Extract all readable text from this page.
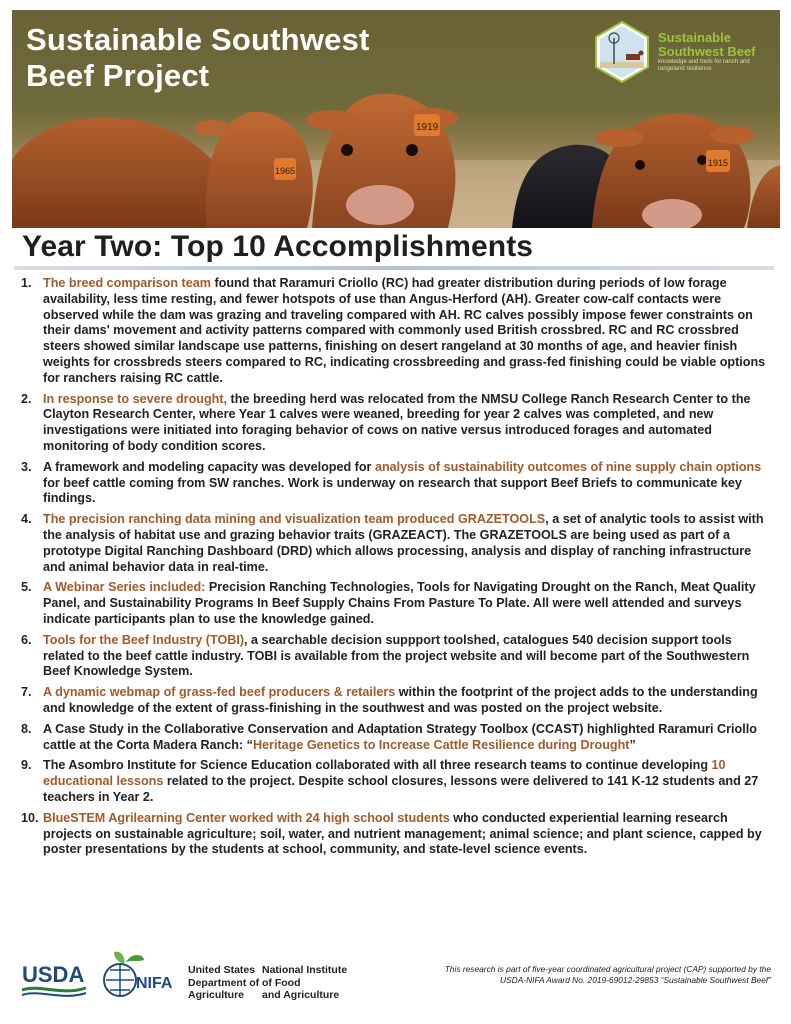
1965
1919
1915
Sustainable Southwest
Beef Project
Sustainable
Southwest Beef
knowledge and tools for ranch and
rangeland resilience
Year Two: Top 10 Accomplishments
1. The breed comparison team found that Raramuri Criollo (RC) had greater distribution during periods of low forage availability, less time resting, and fewer hotspots of use than Angus-Herford (AH). Greater cow-calf contacts were observed while the dam was grazing and traveling compared with AH. RC calves possibly impose fewer constraints on their dams' movement and activity patterns compared with commonly used British crossbred. RC and RC crossbred steers showed similar landscape use patterns, finishing on desert rangeland at 30 months of age, and heavier finish weights for crossbreds steers compared to RC, indicating crossbreeding and grass-fed finishing could be viable options for ranchers raising RC cattle.
2. In response to severe drought, the breeding herd was relocated from the NMSU College Ranch Research Center to the Clayton Research Center, where Year 1 calves were weaned, breeding for year 2 calves was completed, and new investigations were initiated into foraging behavior of cows on native versus introduced forages and automated monitoring of body condition scores.
3. A framework and modeling capacity was developed for analysis of sustainability outcomes of nine supply chain options for beef cattle coming from SW ranches. Work is underway on research that support Beef Briefs to communicate key findings.
4. The precision ranching data mining and visualization team produced GRAZETOOLS, a set of analytic tools to assist with the analysis of habitat use and grazing behavior traits (GRAZEACT). The GRAZETOOLS are being used as part of a prototype Digital Ranching Dashboard (DRD) which allows processing, analysis and display of ranching infrastructure and animal behavior data in real-time.
5. A Webinar Series included: Precision Ranching Technologies, Tools for Navigating Drought on the Ranch, Meat Quality Panel, and Sustainability Programs In Beef Supply Chains From Pasture To Plate. All were well attended and surveys indicate participants plan to use the knowledge gained.
6. Tools for the Beef Industry (TOBI), a searchable decision suppport toolshed, catalogues 540 decision support tools related to the beef cattle industry. TOBI is available from the project website and will become part of the Southwestern Beef Knowledge System.
7. A dynamic webmap of grass-fed beef producers & retailers within the footprint of the project adds to the understanding and knowledge of the extent of grass-finishing in the southwest and was posted on the project website.
8. A Case Study in the Collaborative Conservation and Adaptation Strategy Toolbox (CCAST) highlighted Raramuri Criollo cattle at the Corta Madera Ranch: “Heritage Genetics to Increase Cattle Resilience during Drought”
9. The Asombro Institute for Science Education collaborated with all three research teams to continue developing 10 educational lessons related to the project. Despite school closures, lessons were delivered to 141 K-12 students and 27 teachers in Year 2.
10. BlueSTEM Agrilearning Center worked with 24 high school students who conducted experiential learning research projects on sustainable agriculture; soil, water, and nutrient management; animal science; and plant science, capped by poster presentations by the students at school, community, and state-level science events.
USDA	NIFA
United States
Department of
Agriculture
National Institute
of Food
and Agriculture
This research is part of five-year coordinated agricultural project (CAP) supported by the
USDA-NIFA Award No. 2019-69012-29853 “Sustainable Southwest Beef”
